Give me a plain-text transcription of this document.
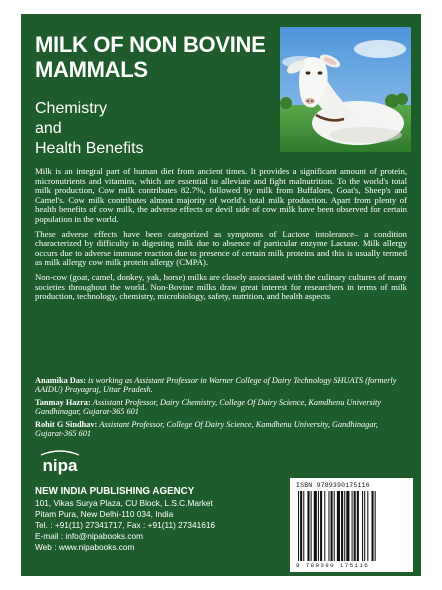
MILK OF NON BOVINE MAMMALS
Chemistry
and
Health Benefits

Milk is an integral part of human diet from ancient times. It provides a significant amount of protein, micronutrients and vitamins, which are essential to alleviate and fight malnutrition. To the world's total milk production, Cow milk contributes 82.7%, followed by milk from Buffaloes, Goat's, Sheep's and Camel's. Cow milk contributes almost majority of world's total milk production. Apart from plenty of health benefits of cow milk, the adverse effects or devil side of cow milk have been observed for certain population in the world.

These adverse effects have been categorized as symptoms of Lactose intolerance– a condition characterized by difficulty in digesting milk due to absence of particular enzyme Lactase. Milk allergy occurs due to adverse immune reaction due to presence of certain milk proteins and this is usually termed as milk allergy cow milk protein allergy (CMPA).

Non-cow (goat, camel, donkey, yak, horse) milks are closely associated with the culinary cultures of many societies throughout the world. Non-Bovine milks draw great interest for researchers in terms of milk production, technology, chemistry, microbiology, safety, nutrition, and health aspects

Anamika Das: is working as Assistant Professor in Warner College of Dairy Technology SHUATS (formerly AAIDU) Prayagraj, Uttar Pradesh.
Tanmay Hazra: Assistant Professor, Dairy Chemistry, College Of Dairy Science, Kamdhenu University Gandhinagar, Gujarat-365 601
Rohit G Sindhav: Assistant Professor, College Of Dairy Science, Kamdhenu University, Gandhinagar, Gujarat-365 601
nipa
NEW INDIA PUBLISHING AGENCY
101, Vikas Surya Plaza, CU Block, L.S.C.Market
Pitam Pura, New Delhi-110 034, India
Tel. : +91(11) 27341717, Fax : +91(11) 27341616
E-mail : info@nipabooks.com
Web : www.nipabooks.com
ISBN 9789390175116
9 789390 175116
